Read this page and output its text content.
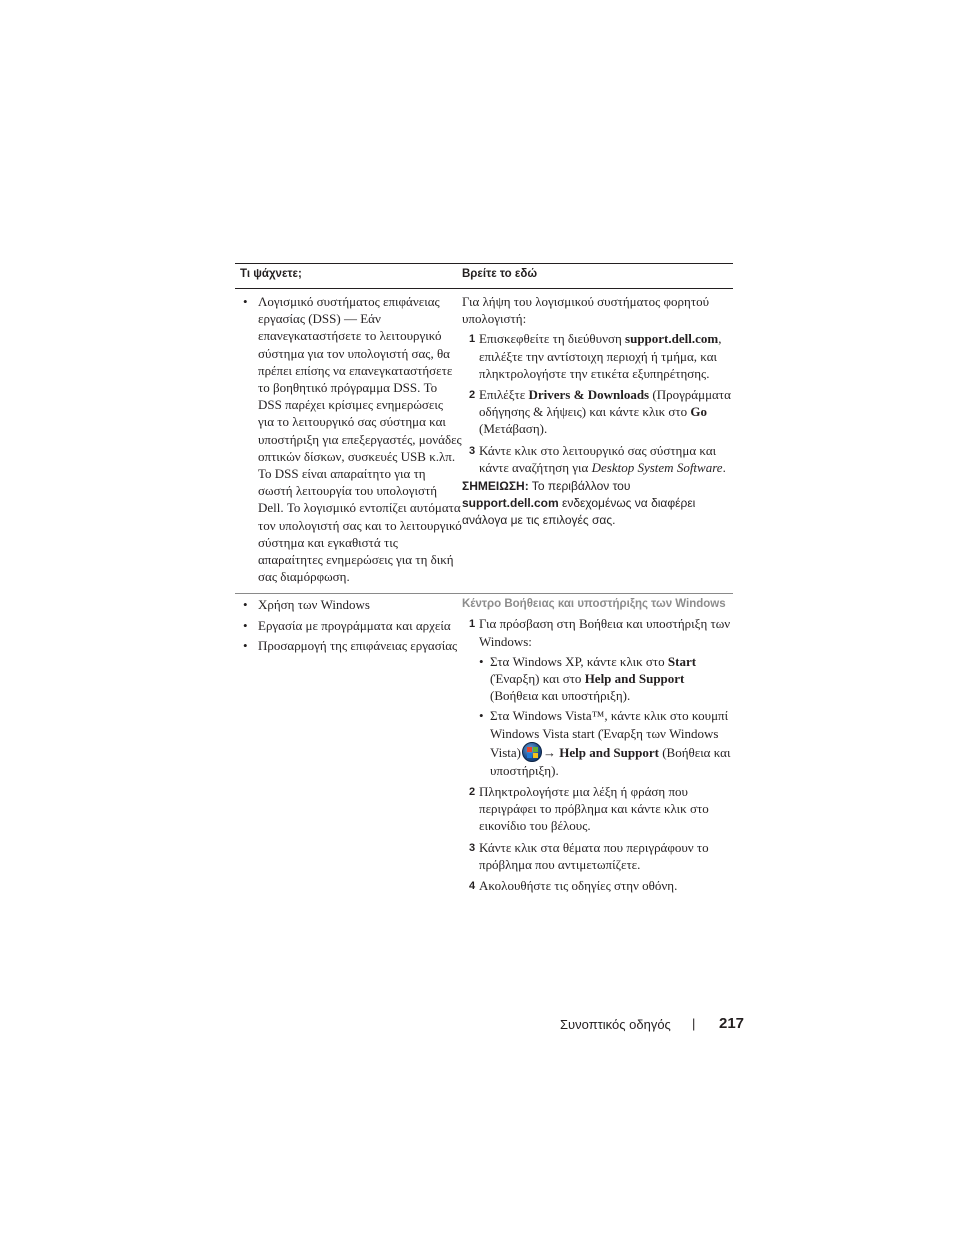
Τι ψάχνετε;	Βρείτε το εδώ
• Λογισμικό συστήματος επιφάνειας εργασίας (DSS) — Εάν επανεγκαταστήσετε το λειτουργικό σύστημα για τον υπολογιστή σας, θα πρέπει επίσης να επανεγκαταστήσετε το βοηθητικό πρόγραμμα DSS. Το DSS παρέχει κρίσιμες ενημερώσεις για το λειτουργικό σας σύστημα και υποστήριξη για επεξεργαστές, μονάδες οπτικών δίσκων, συσκευές USB κ.λπ. Το DSS είναι απαραίτητο για τη σωστή λειτουργία του υπολογιστή Dell. Το λογισμικό εντοπίζει αυτόματα τον υπολογιστή σας και το λειτουργικό σύστημα και εγκαθιστά τις απαραίτητες ενημερώσεις για τη δική σας διαμόρφωση.
Για λήψη του λογισμικού συστήματος φορητού υπολογιστή:
1 Επισκεφθείτε τη διεύθυνση support.dell.com, επιλέξτε την αντίστοιχη περιοχή ή τμήμα, και πληκτρολογήστε την ετικέτα εξυπηρέτησης.
2 Επιλέξτε Drivers & Downloads (Προγράμματα οδήγησης & λήψεις) και κάντε κλικ στο Go (Μετάβαση).
3 Κάντε κλικ στο λειτουργικό σας σύστημα και κάντε αναζήτηση για Desktop System Software.
ΣΗΜΕΙΩΣΗ: Το περιβάλλον του
support.dell.com ενδεχομένως να διαφέρει ανάλογα με τις επιλογές σας.
• Χρήση των Windows
• Εργασία με προγράμματα και αρχεία
• Προσαρμογή της επιφάνειας εργασίας
Κέντρο Βοήθειας και υποστήριξης των Windows
1 Για πρόσβαση στη Βοήθεια και υποστήριξη των Windows:
• Στα Windows XP, κάντε κλικ στο Start (Έναρξη) και στο Help and Support (Βοήθεια και υποστήριξη).
• Στα Windows Vista™, κάντε κλικ στο κουμπί Windows Vista start (Έναρξη των Windows Vista) → Help and Support (Βοήθεια και υποστήριξη).
2 Πληκτρολογήστε μια λέξη ή φράση που περιγράφει το πρόβλημα και κάντε κλικ στο εικονίδιο του βέλους.
3 Κάντε κλικ στα θέματα που περιγράφουν το πρόβλημα που αντιμετωπίζετε.
4 Ακολουθήστε τις οδηγίες στην οθόνη.
Συνοπτικός οδηγός | 217
